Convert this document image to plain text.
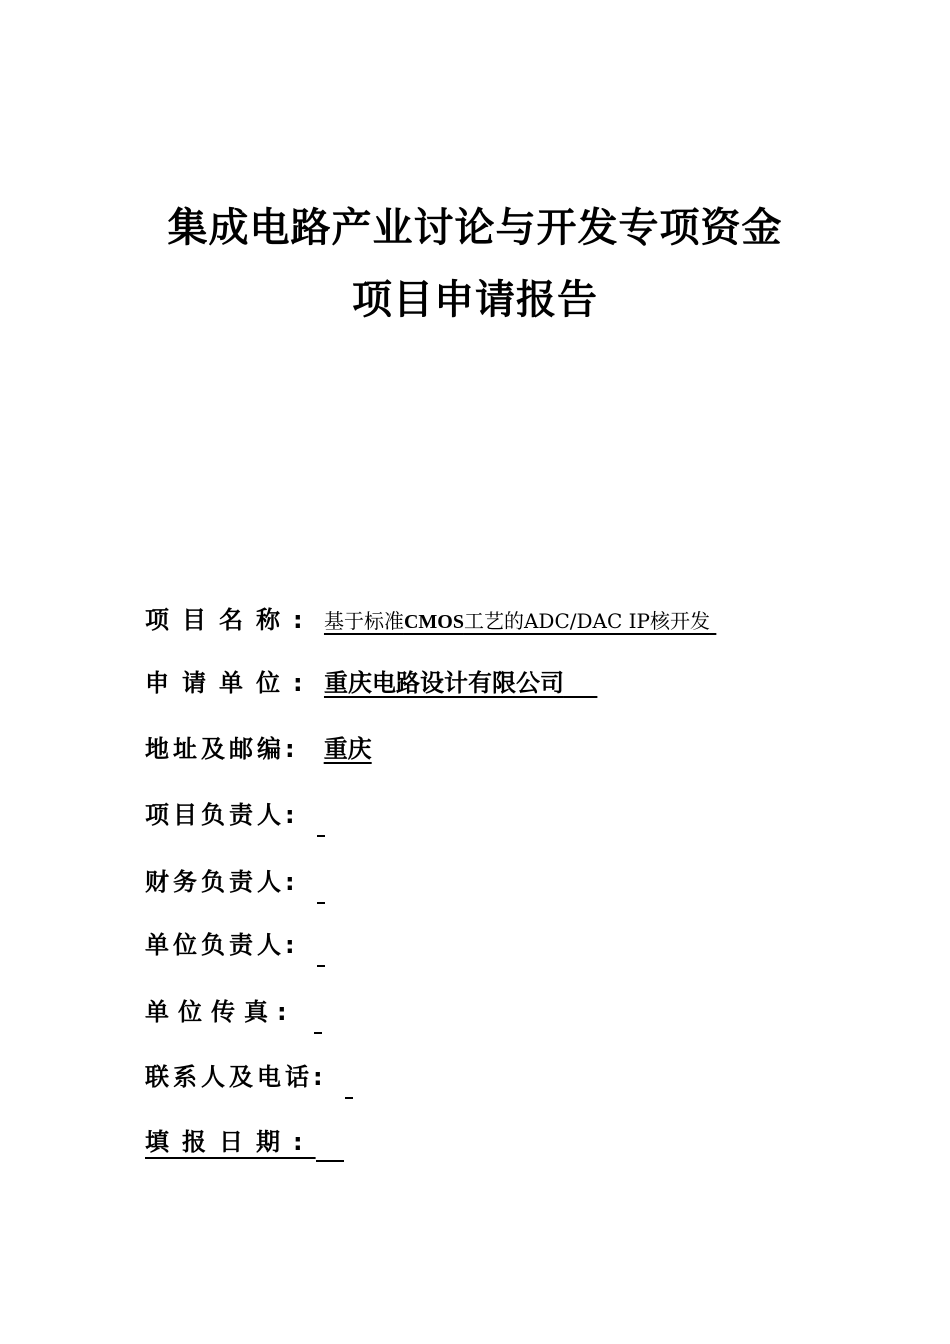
集成电路产业讨论与开发专项资金
项目申请报告
项目名称: 基于标准CMOS工艺的ADC/DAC IP核开发
申请单位: 重庆电路设计有限公司
地址及邮编: 重庆
项目负责人:
财务负责人:
单位负责人:
单位传真:
联系人及电话:
填报日期:
